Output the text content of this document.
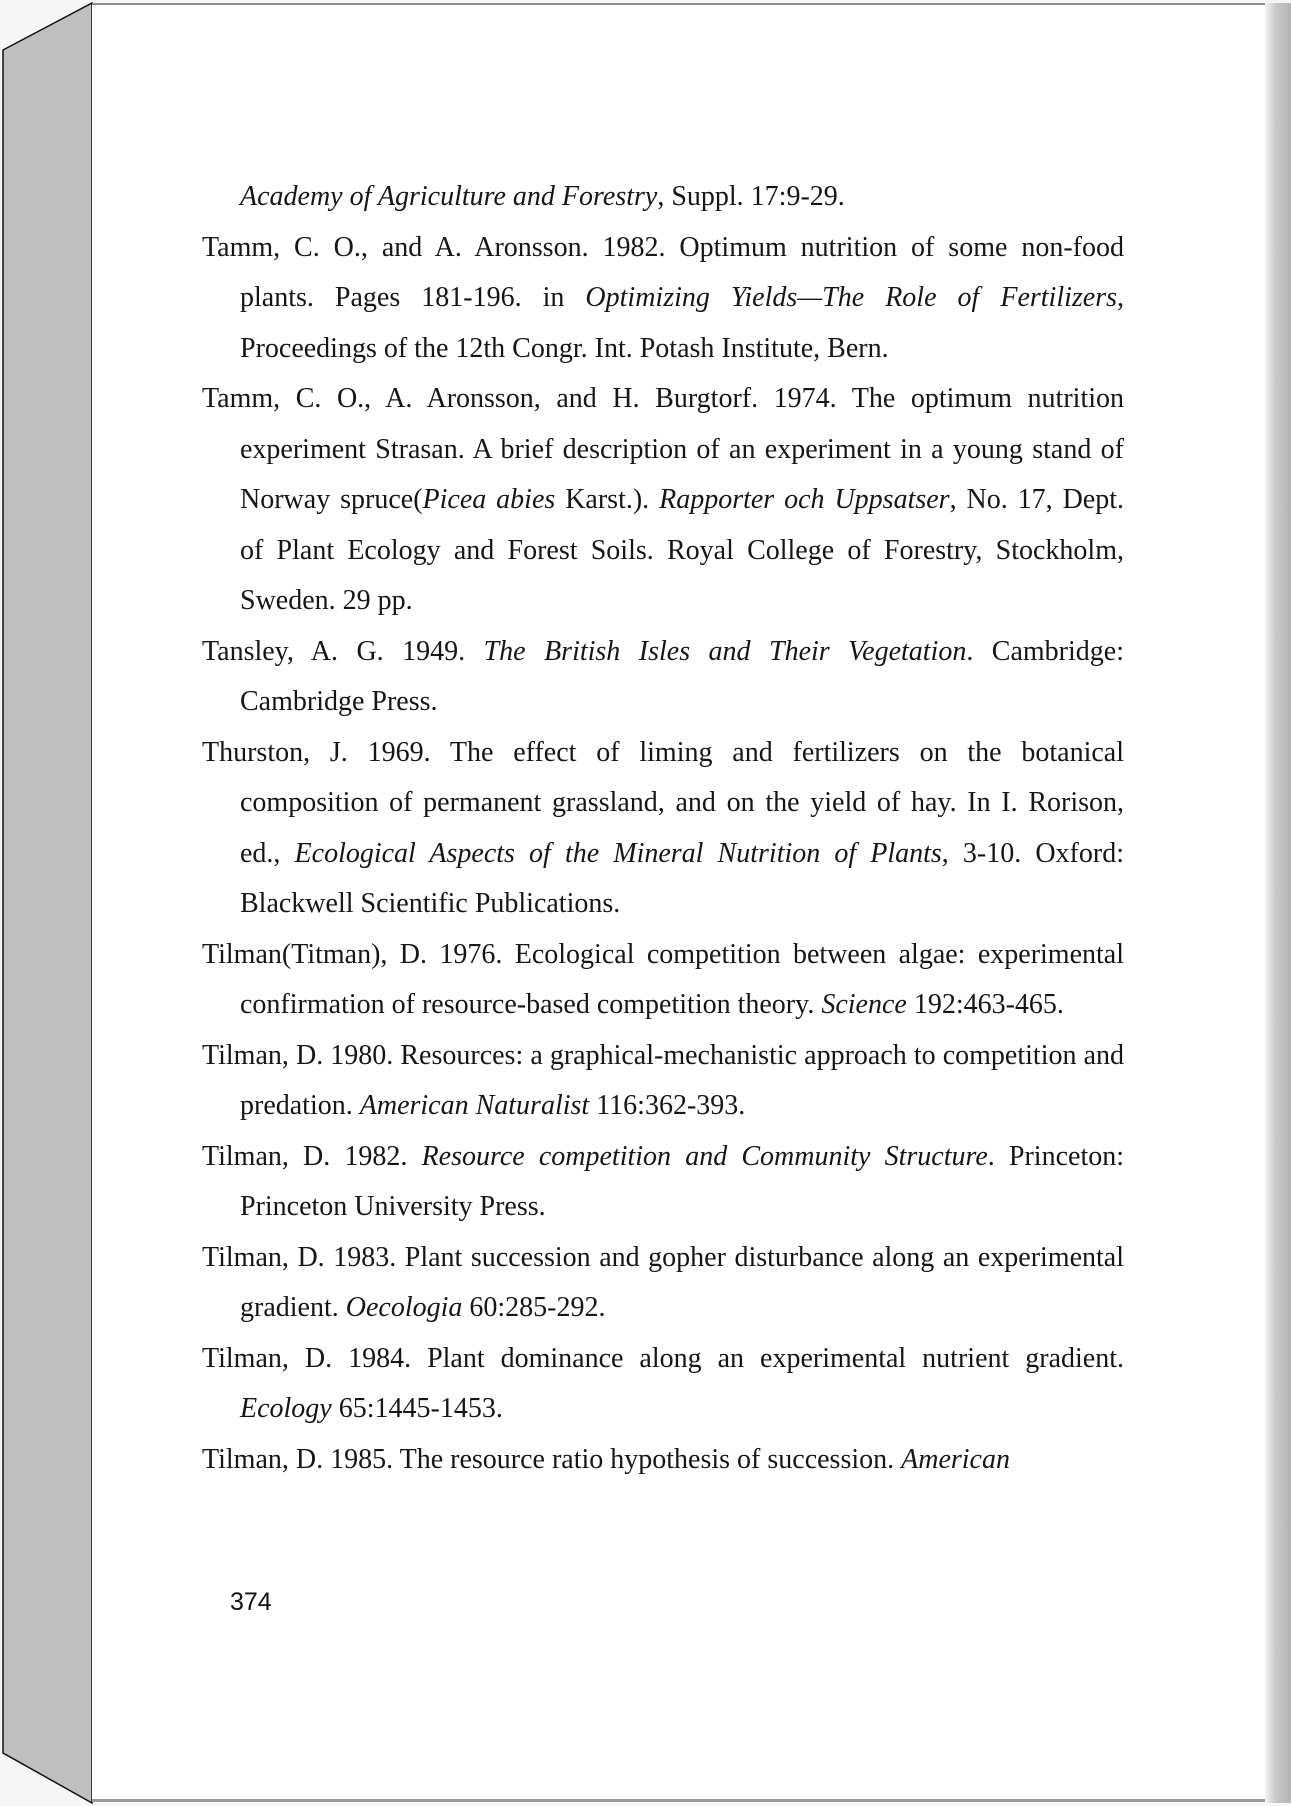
Academy of Agriculture and Forestry, Suppl. 17:9-29.

Tamm, C. O., and A. Aronsson. 1982. Optimum nutrition of some non-food plants. Pages 181-196. in Optimizing Yields—The Role of Fertilizers, Proceedings of the 12th Congr. Int. Potash Institute, Bern.

Tamm, C. O., A. Aronsson, and H. Burgtorf. 1974. The optimum nutrition experiment Strasan. A brief description of an experiment in a young stand of Norway spruce(Picea abies Karst.). Rapporter och Uppsatser, No. 17, Dept. of Plant Ecology and Forest Soils. Royal College of Forestry, Stockholm, Sweden. 29 pp.

Tansley, A. G. 1949. The British Isles and Their Vegetation. Cambridge: Cambridge Press.

Thurston, J. 1969. The effect of liming and fertilizers on the botanical composition of permanent grassland, and on the yield of hay. In I. Rorison, ed., Ecological Aspects of the Mineral Nutrition of Plants, 3-10. Oxford: Blackwell Scientific Publications.

Tilman(Titman), D. 1976. Ecological competition between algae: experimental confirmation of resource-based competition theory. Science 192:463-465.

Tilman, D. 1980. Resources: a graphical-mechanistic approach to competition and predation. American Naturalist 116:362-393.

Tilman, D. 1982. Resource competition and Community Structure. Princeton: Princeton University Press.

Tilman, D. 1983. Plant succession and gopher disturbance along an experimental gradient. Oecologia 60:285-292.

Tilman, D. 1984. Plant dominance along an experimental nutrient gradient. Ecology 65:1445-1453.

Tilman, D. 1985. The resource ratio hypothesis of succession. American

374
